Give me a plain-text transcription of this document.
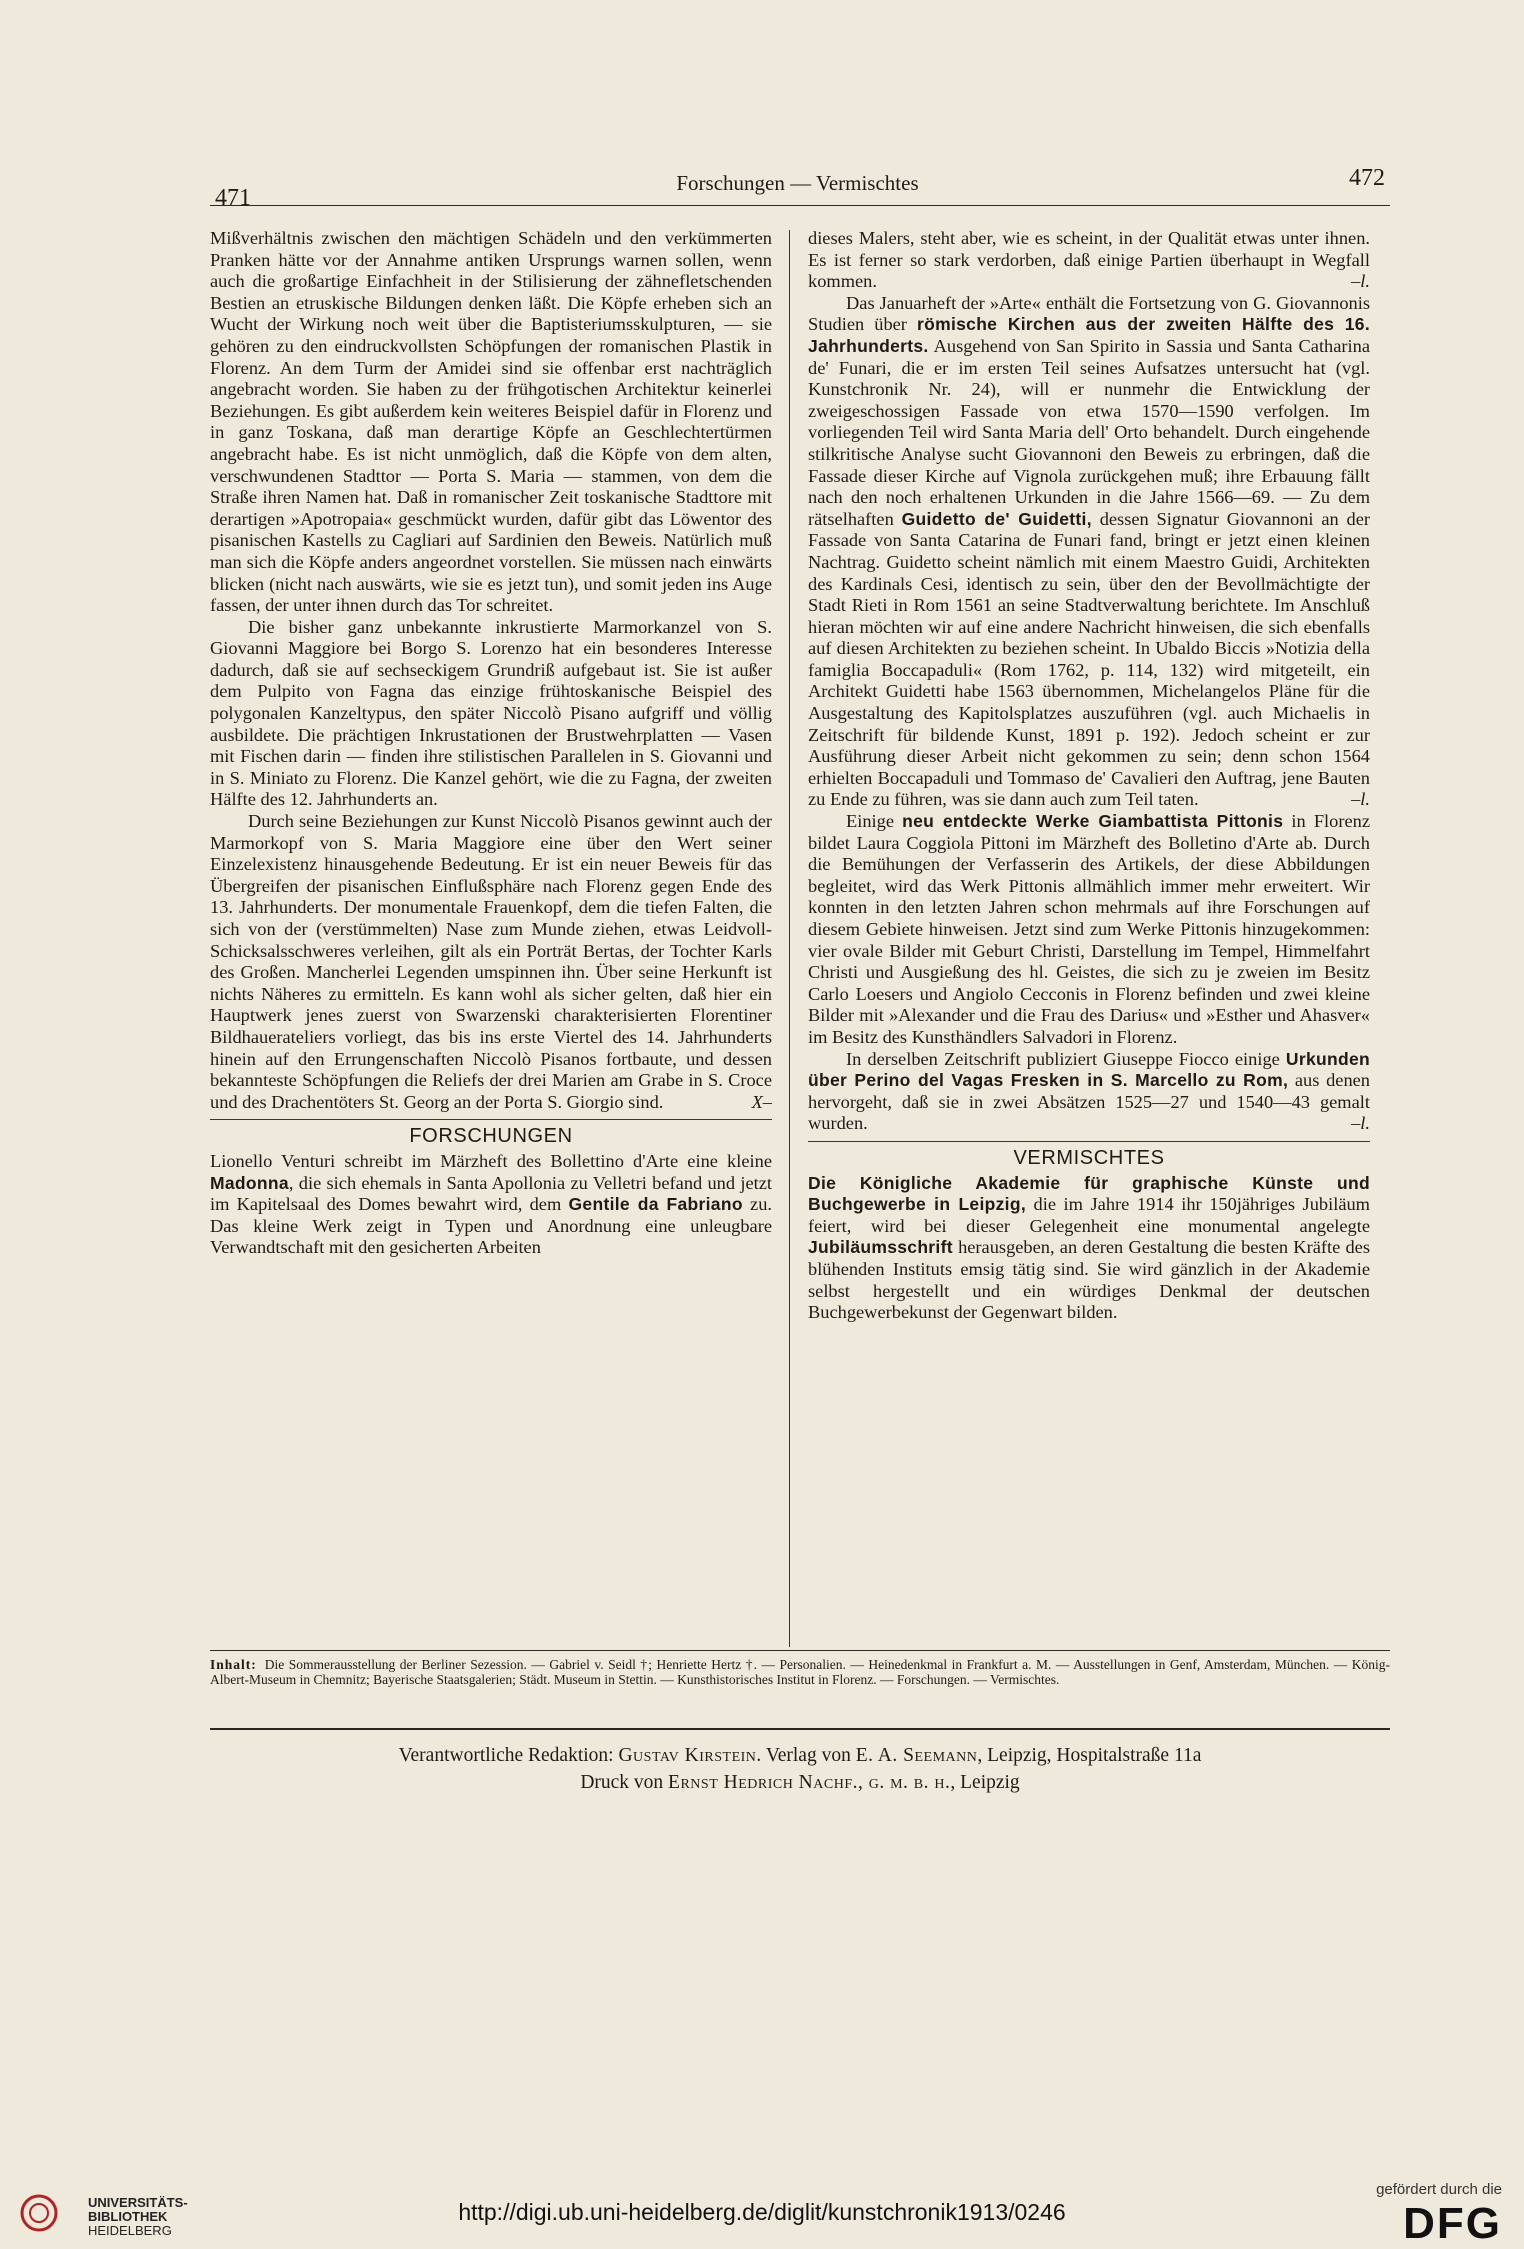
471
Forschungen — Vermischtes	472

Mißverhältnis zwischen den mächtigen Schädeln und den verkümmerten Pranken hätte vor der Annahme antiken Ursprungs warnen sollen, wenn auch die großartige Einfachheit in der Stilisierung der zähnefletschenden Bestien an etruskische Bildungen denken läßt. Die Köpfe erheben sich an Wucht der Wirkung noch weit über die Baptisteriumsskulpturen, — sie gehören zu den eindruckvollsten Schöpfungen der romanischen Plastik in Florenz. An dem Turm der Amidei sind sie offenbar erst nachträglich angebracht worden. Sie haben zu der frühgotischen Architektur keinerlei Beziehungen. Es gibt außerdem kein weiteres Beispiel dafür in Florenz und in ganz Toskana, daß man derartige Köpfe an Geschlechtertürmen angebracht habe. Es ist nicht unmöglich, daß die Köpfe von dem alten, verschwundenen Stadttor — Porta S. Maria — stammen, von dem die Straße ihren Namen hat. Daß in romanischer Zeit toskanische Stadttore mit derartigen »Apotropaia« geschmückt wurden, dafür gibt das Löwentor des pisanischen Kastells zu Cagliari auf Sardinien den Beweis. Natürlich muß man sich die Köpfe anders angeordnet vorstellen. Sie müssen nach einwärts blicken (nicht nach auswärts, wie sie es jetzt tun), und somit jeden ins Auge fassen, der unter ihnen durch das Tor schreitet.

Die bisher ganz unbekannte inkrustierte Marmorkanzel von S. Giovanni Maggiore bei Borgo S. Lorenzo hat ein besonderes Interesse dadurch, daß sie auf sechseckigem Grundriß aufgebaut ist. Sie ist außer dem Pulpito von Fagna das einzige frühtoskanische Beispiel des polygonalen Kanzeltypus, den später Niccolò Pisano aufgriff und völlig ausbildete. Die prächtigen Inkrustationen der Brustwehrplatten — Vasen mit Fischen darin — finden ihre stilistischen Parallelen in S. Giovanni und in S. Miniato zu Florenz. Die Kanzel gehört, wie die zu Fagna, der zweiten Hälfte des 12. Jahrhunderts an.

Durch seine Beziehungen zur Kunst Niccolò Pisanos gewinnt auch der Marmorkopf von S. Maria Maggiore eine über den Wert seiner Einzelexistenz hinausgehende Bedeutung. Er ist ein neuer Beweis für das Übergreifen der pisanischen Einflußsphäre nach Florenz gegen Ende des 13. Jahrhunderts. Der monumentale Frauenkopf, dem die tiefen Falten, die sich von der (verstümmelten) Nase zum Munde ziehen, etwas Leidvoll-Schicksalsschweres verleihen, gilt als ein Porträt Bertas, der Tochter Karls des Großen. Mancherlei Legenden umspinnen ihn. Über seine Herkunft ist nichts Näheres zu ermitteln. Es kann wohl als sicher gelten, daß hier ein Hauptwerk jenes zuerst von Swarzenski charakterisierten Florentiner Bildhauerateliers vorliegt, das bis ins erste Viertel des 14. Jahrhunderts hinein auf den Errungenschaften Niccolò Pisanos fortbaute, und dessen bekannteste Schöpfungen die Reliefs der drei Marien am Grabe in S. Croce und des Drachentöters St. Georg an der Porta S. Giorgio sind.	X–

FORSCHUNGEN

Lionello Venturi schreibt im Märzheft des Bollettino d'Arte eine kleine Madonna, die sich ehemals in Santa Apollonia zu Velletri befand und jetzt im Kapitelsaal des Domes bewahrt wird, dem Gentile da Fabriano zu. Das kleine Werk zeigt in Typen und Anordnung eine unleugbare Verwandtschaft mit den gesicherten Arbeiten

dieses Malers, steht aber, wie es scheint, in der Qualität etwas unter ihnen. Es ist ferner so stark verdorben, daß einige Partien überhaupt in Wegfall kommen.	–l.

Das Januarheft der »Arte« enthält die Fortsetzung von G. Giovannonis Studien über römische Kirchen aus der zweiten Hälfte des 16. Jahrhunderts. Ausgehend von San Spirito in Sassia und Santa Catharina de' Funari, die er im ersten Teil seines Aufsatzes untersucht hat (vgl. Kunstchronik Nr. 24), will er nunmehr die Entwicklung der zweigeschossigen Fassade von etwa 1570—1590 verfolgen. Im vorliegenden Teil wird Santa Maria dell' Orto behandelt. Durch eingehende stilkritische Analyse sucht Giovannoni den Beweis zu erbringen, daß die Fassade dieser Kirche auf Vignola zurückgehen muß; ihre Erbauung fällt nach den noch erhaltenen Urkunden in die Jahre 1566—69. — Zu dem rätselhaften Guidetto de' Guidetti, dessen Signatur Giovannoni an der Fassade von Santa Catarina de Funari fand, bringt er jetzt einen kleinen Nachtrag. Guidetto scheint nämlich mit einem Maestro Guidi, Architekten des Kardinals Cesi, identisch zu sein, über den der Bevollmächtigte der Stadt Rieti in Rom 1561 an seine Stadtverwaltung berichtete. Im Anschluß hieran möchten wir auf eine andere Nachricht hinweisen, die sich ebenfalls auf diesen Architekten zu beziehen scheint. In Ubaldo Biccis »Notizia della famiglia Boccapaduli« (Rom 1762, p. 114, 132) wird mitgeteilt, ein Architekt Guidetti habe 1563 übernommen, Michelangelos Pläne für die Ausgestaltung des Kapitolsplatzes auszuführen (vgl. auch Michaelis in Zeitschrift für bildende Kunst, 1891 p. 192). Jedoch scheint er zur Ausführung dieser Arbeit nicht gekommen zu sein; denn schon 1564 erhielten Boccapaduli und Tommaso de' Cavalieri den Auftrag, jene Bauten zu Ende zu führen, was sie dann auch zum Teil taten.	–l.

Einige neu entdeckte Werke Giambattista Pittonis in Florenz bildet Laura Coggiola Pittoni im Märzheft des Bolletino d'Arte ab. Durch die Bemühungen der Verfasserin des Artikels, der diese Abbildungen begleitet, wird das Werk Pittonis allmählich immer mehr erweitert. Wir konnten in den letzten Jahren schon mehrmals auf ihre Forschungen auf diesem Gebiete hinweisen. Jetzt sind zum Werke Pittonis hinzugekommen: vier ovale Bilder mit Geburt Christi, Darstellung im Tempel, Himmelfahrt Christi und Ausgießung des hl. Geistes, die sich zu je zweien im Besitz Carlo Loesers und Angiolo Cecconis in Florenz befinden und zwei kleine Bilder mit »Alexander und die Frau des Darius« und »Esther und Ahasver« im Besitz des Kunsthändlers Salvadori in Florenz.

In derselben Zeitschrift publiziert Giuseppe Fiocco einige Urkunden über Perino del Vagas Fresken in S. Marcello zu Rom, aus denen hervorgeht, daß sie in zwei Absätzen 1525—27 und 1540—43 gemalt wurden.	–l.

VERMISCHTES

Die Königliche Akademie für graphische Künste und Buchgewerbe in Leipzig, die im Jahre 1914 ihr 150jähriges Jubiläum feiert, wird bei dieser Gelegenheit eine monumental angelegte Jubiläumsschrift herausgeben, an deren Gestaltung die besten Kräfte des blühenden Instituts emsig tätig sind. Sie wird gänzlich in der Akademie selbst hergestellt und ein würdiges Denkmal der deutschen Buchgewerbekunst der Gegenwart bilden.

Inhalt: Die Sommerausstellung der Berliner Sezession. — Gabriel v. Seidl †; Henriette Hertz †. — Personalien. — Heinedenkmal in Frankfurt a. M. — Ausstellungen in Genf, Amsterdam, München. — König-Albert-Museum in Chemnitz; Bayerische Staatsgalerien; Städt. Museum in Stettin. — Kunsthistorisches Institut in Florenz. — Forschungen. — Vermischtes.
Verantwortliche Redaktion: Gustav Kirstein. Verlag von E. A. Seemann, Leipzig, Hospitalstraße 11a
Druck von Ernst Hedrich Nachf., g. m. b. h., Leipzig
UNIVERSITÄTS-
BIBLIOTHEK
HEIDELBERG
http://digi.ub.uni-heidelberg.de/diglit/kunstchronik1913/0246
gefördert durch die
DFG
